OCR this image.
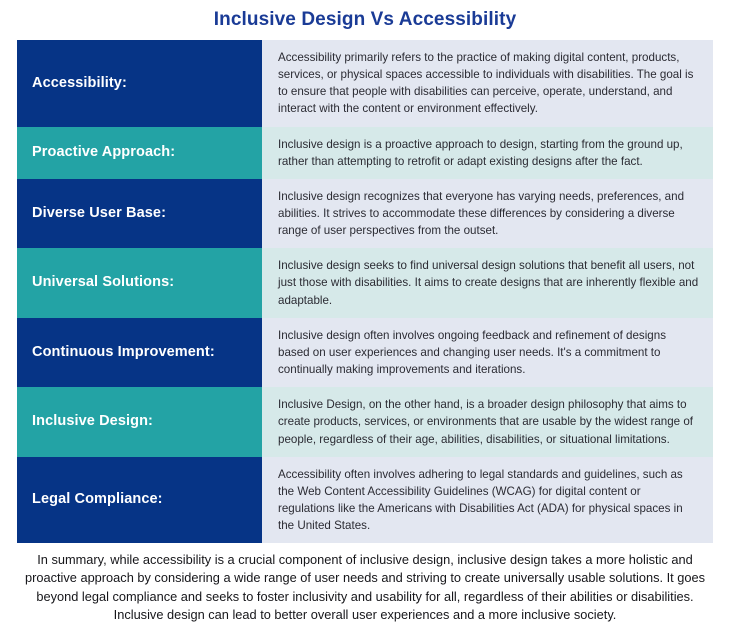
Inclusive Design Vs Accessibility
Accessibility:
Accessibility primarily refers to the practice of making digital content, products, services, or physical spaces accessible to individuals with disabilities. The goal is to ensure that people with disabilities can perceive, operate, understand, and interact with the content or environment effectively.
Proactive Approach:	Inclusive design is a proactive approach to design, starting from the ground up, rather than attempting to retrofit or adapt existing designs after the fact.
Diverse User Base:
Inclusive design recognizes that everyone has varying needs, preferences, and abilities. It strives to accommodate these differences by considering a diverse range of user perspectives from the outset.
Universal Solutions:
Inclusive design seeks to find universal design solutions that benefit all users, not just those with disabilities. It aims to create designs that are inherently flexible and adaptable.
Continuous Improvement:
Inclusive design often involves ongoing feedback and refinement of designs based on user experiences and changing user needs. It's a commitment to continually making improvements and iterations.
Inclusive Design:
Inclusive Design, on the other hand, is a broader design philosophy that aims to create products, services, or environments that are usable by the widest range of people, regardless of their age, abilities, disabilities, or situational limitations.
Legal Compliance:
Accessibility often involves adhering to legal standards and guidelines, such as the Web Content Accessibility Guidelines (WCAG) for digital content or regulations like the Americans with Disabilities Act (ADA) for physical spaces in the United States.
In summary, while accessibility is a crucial component of inclusive design, inclusive design takes a more holistic and proactive approach by considering a wide range of user needs and striving to create universally usable solutions. It goes beyond legal compliance and seeks to foster inclusivity and usability for all, regardless of their abilities or disabilities. Inclusive design can lead to better overall user experiences and a more inclusive society.
